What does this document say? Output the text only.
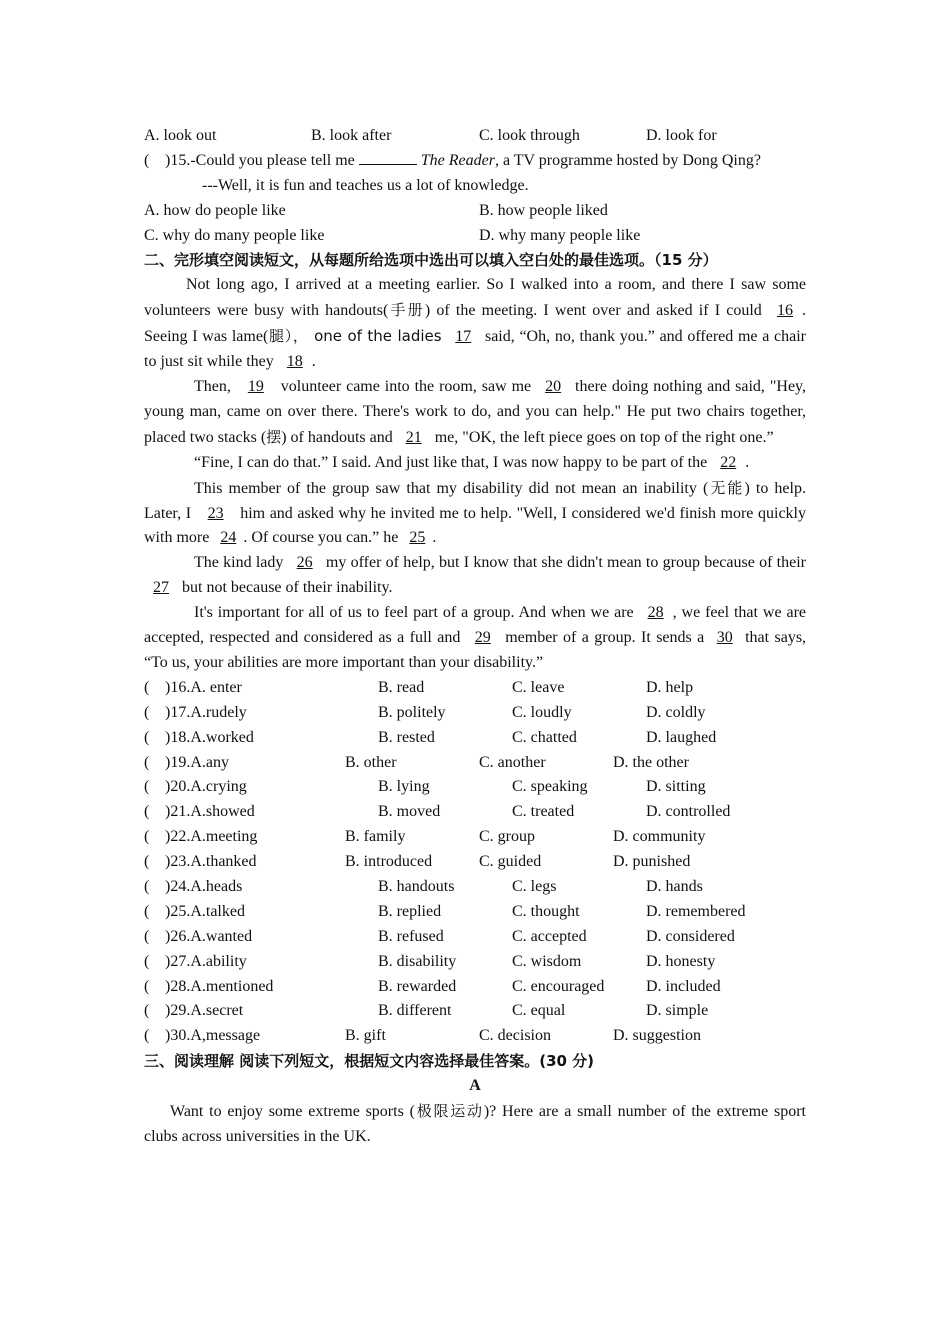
A. look out	B. look after	C. look through	D. look for
( )15.-Could you please tell me	The Reader, a TV programme hosted by Dong Qing?
---Well, it is fun and teaches us a lot of knowledge.
A. how do people like	B. how people liked
C. why do many people like	D. why many people like
二、完形填空阅读短文，从每题所给选项中选出可以填入空白处的最佳选项。（15 分）

Not long ago, I arrived at a meeting earlier. So I walked into a room, and there I saw some volunteers were busy with handouts(手册) of the meeting. I went over and asked if I could 16 . Seeing I was lame(腿）， one of the ladies 17 said, “Oh, no, thank you.” and offered me a chair to just sit while they 18 .

Then, 19 volunteer came into the room, saw me 20 there doing nothing and said, "Hey, young man, came on over there. There's work to do, and you can help." He put two chairs together, placed two stacks (摆) of handouts and 21 me, "OK, the left piece goes on top of the right one.”

“Fine, I can do that.” I said. And just like that, I was now happy to be part of the 22 .

This member of the group saw that my disability did not mean an inability (无能) to help. Later, I 23 him and asked why he invited me to help. "Well, I considered we'd finish more quickly with more 24 . Of course you can.” he 25 .

The kind lady 26 my offer of help, but I know that she didn't mean to group because of their 27 but not because of their inability.

It's important for all of us to feel part of a group. And when we are 28 , we feel that we are accepted, respected and considered as a full and 29 member of a group. It sends a 30 that says, “To us, your abilities are more important than your disability.”

( )16.A. enter	B. read	C. leave	D. help
( )17.A.rudely	B. politely	C. loudly	D. coldly
( )18.A.worked	B. rested	C. chatted	D. laughed
( )19.A.any	B. other	C. another	D. the other
( )20.A.crying	B. lying	C. speaking	D. sitting
( )21.A.showed	B. moved	C. treated	D. controlled
( )22.A.meeting	B. family	C. group	D. community
( )23.A.thanked	B. introduced	C. guided	D. punished
( )24.A.heads	B. handouts	C. legs	D. hands
( )25.A.talked	B. replied	C. thought	D. remembered
( )26.A.wanted	B. refused	C. accepted	D. considered
( )27.A.ability	B. disability	C. wisdom	D. honesty
( )28.A.mentioned	B. rewarded	C. encouraged	D. included
( )29.A.secret	B. different	C. equal	D. simple
( )30.A,message	B. gift	C. decision	D. suggestion
三、阅读理解 阅读下列短文，根据短文内容选择最佳答案。(30 分)
A

Want to enjoy some extreme sports (极限运动)? Here are a small number of the extreme sport clubs across universities in the UK.
